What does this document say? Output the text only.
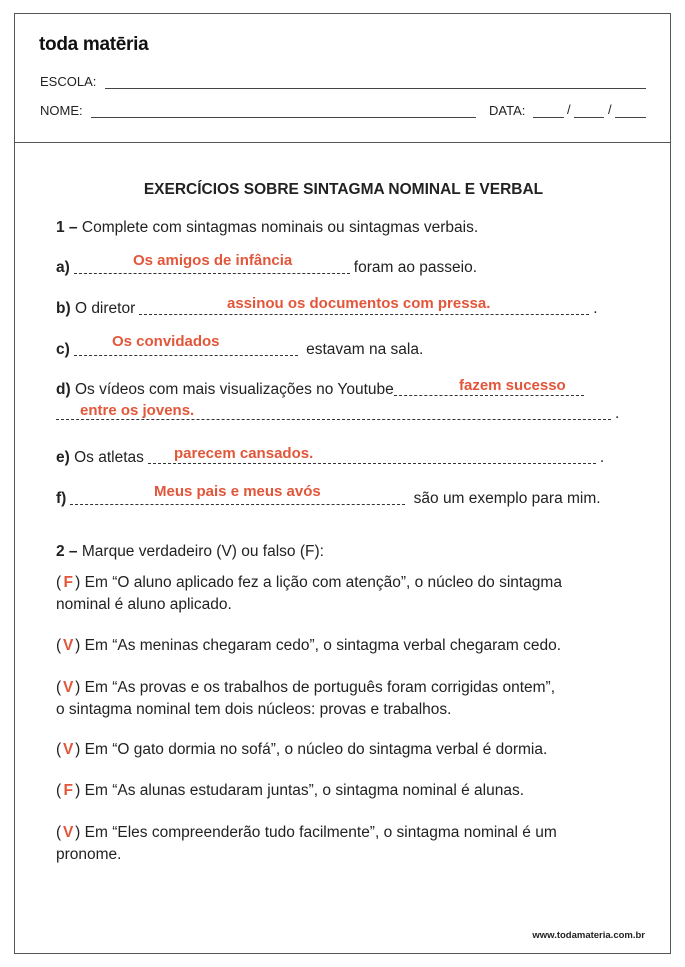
toda matēria
ESCOLA:
NOME:	DATA:	/	/
EXERCÍCIOS SOBRE SINTAGMA NOMINAL E VERBAL
1 – Complete com sintagmas nominais ou sintagmas verbais.
a)	foram ao passeio.
Os amigos de infância
b) O diretor	.
assinou os documentos com pressa.
c)	estavam na sala.
Os convidados
d) Os vídeos com mais visualizações no Youtube	fazem sucesso
.
entre os jovens.
e) Os atletas	.
parecem cansados.
f)	são um exemplo para mim.
Meus pais e meus avós
2 – Marque verdadeiro (V) ou falso (F):
( F ) Em “O aluno aplicado fez a lição com atenção”, o núcleo do sintagma
nominal é aluno aplicado.
( V ) Em “As meninas chegaram cedo”, o sintagma verbal chegaram cedo.
( V ) Em “As provas e os trabalhos de português foram corrigidas ontem”,
o sintagma nominal tem dois núcleos: provas e trabalhos.
( V ) Em “O gato dormia no sofá”, o núcleo do sintagma verbal é dormia.
( F ) Em “As alunas estudaram juntas”, o sintagma nominal é alunas.
( V ) Em “Eles compreenderão tudo facilmente”, o sintagma nominal é um
pronome.
www.todamateria.com.br
